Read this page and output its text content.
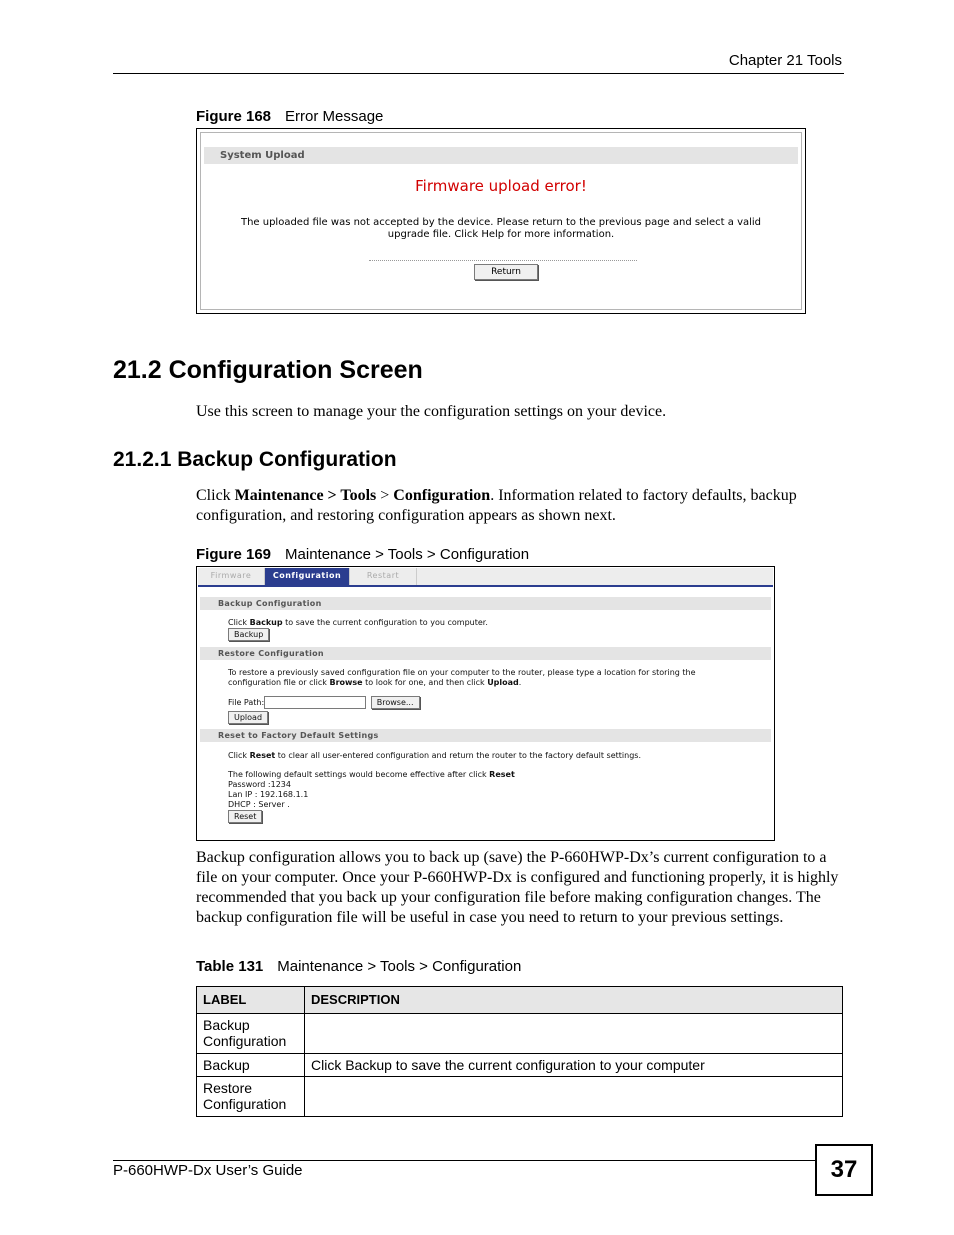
Chapter 21 Tools
Figure 168 Error Message
System Upload
Firmware upload error!
The uploaded file was not accepted by the device. Please return to the previous page and select a valid upgrade file. Click Help for more information.
Return
21.2 Configuration Screen
Use this screen to manage your the configuration settings on your device.
21.2.1 Backup Configuration
Click Maintenance > Tools > Configuration. Information related to factory defaults, backup configuration, and restoring configuration appears as shown next.
Figure 169 Maintenance > Tools > Configuration
Firmware	Configuration	Restart
Backup Configuration
Click Backup to save the current configuration to you computer.
Backup
Restore Configuration
To restore a previously saved configuration file on your computer to the router, please type a location for storing the configuration file or click Browse to look for one, and then click Upload.
File Path:	Browse...
Upload
Reset to Factory Default Settings
Click Reset to clear all user-entered configuration and return the router to the factory default settings.
The following default settings would become effective after click Reset
Password :1234
Lan IP : 192.168.1.1
DHCP : Server .
Reset
Backup configuration allows you to back up (save) the P-660HWP-Dx’s current configuration to a file on your computer. Once your P-660HWP-Dx is configured and functioning properly, it is highly recommended that you back up your configuration file before making configuration changes. The backup configuration file will be useful in case you need to return to your previous settings.
Table 131 Maintenance > Tools > Configuration
LABEL	DESCRIPTION
Backup Configuration	
Backup	Click Backup to save the current configuration to your computer
Restore Configuration	
P-660HWP-Dx User’s Guide	37
